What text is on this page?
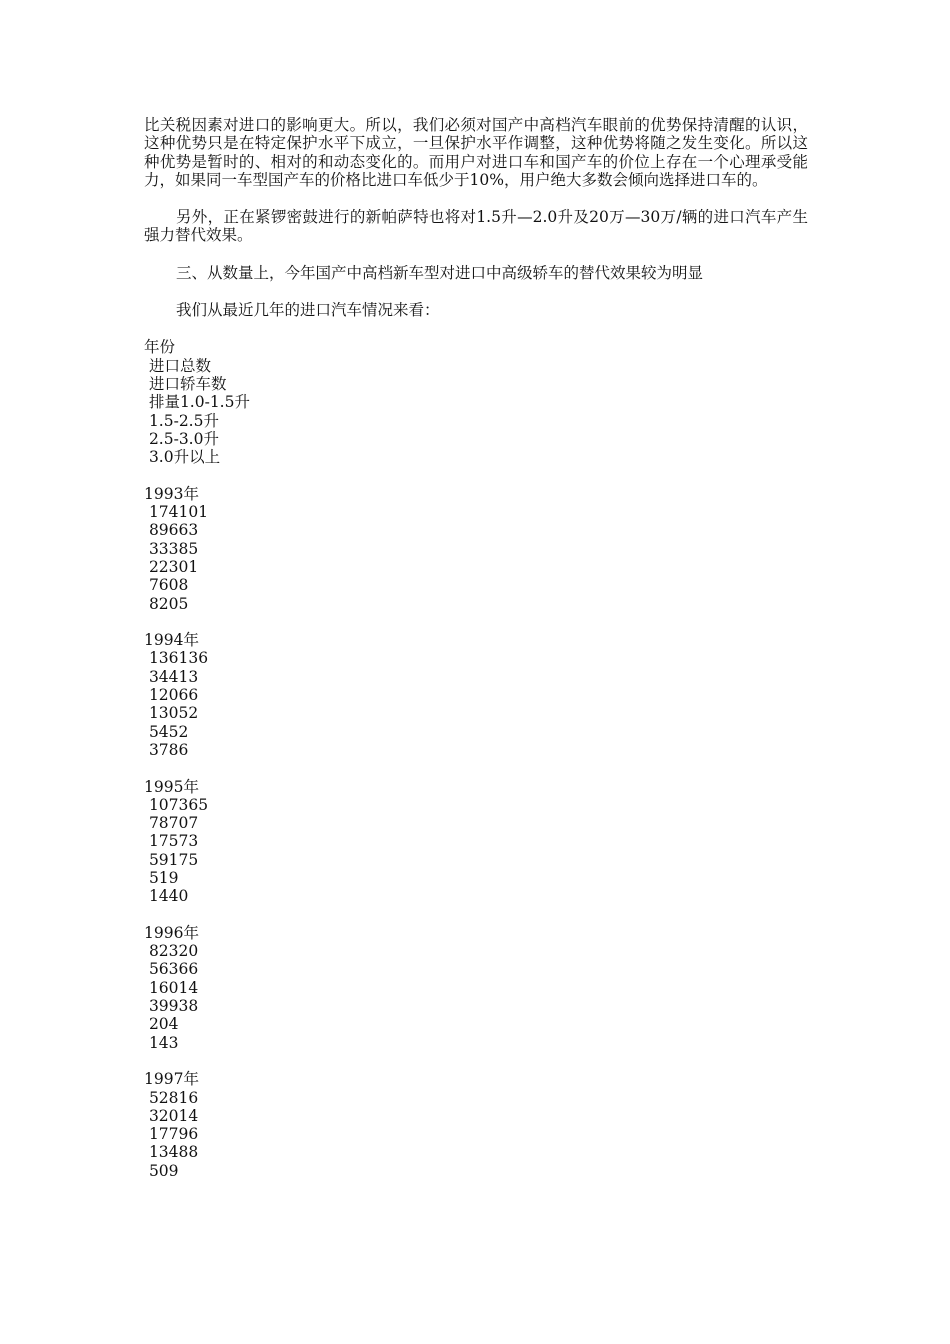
比关税因素对进口的影响更大。所以，我们必须对国产中高档汽车眼前的优势保持清醒的认识，这种优势只是在特定保护水平下成立，一旦保护水平作调整，这种优势将随之发生变化。所以这种优势是暂时的、相对的和动态变化的。而用户对进口车和国产车的价位上存在一个心理承受能力，如果同一车型国产车的价格比进口车低少于10%，用户绝大多数会倾向选择进口车的。

另外，正在紧锣密鼓进行的新帕萨特也将对1.5升—2.0升及20万—30万/辆的进口汽车产生强力替代效果。

三、从数量上，今年国产中高档新车型对进口中高级轿车的替代效果较为明显

我们从最近几年的进口汽车情况来看：

年份
进口总数
进口轿车数
排量1.0-1.5升
1.5-2.5升
2.5-3.0升
3.0升以上
1993年
174101
89663
33385
22301
7608
8205
1994年
136136
34413
12066
13052
5452
3786
1995年
107365
78707
17573
59175
519
1440
1996年
82320
56366
16014
39938
204
143
1997年
52816
32014
17796
13488
509
